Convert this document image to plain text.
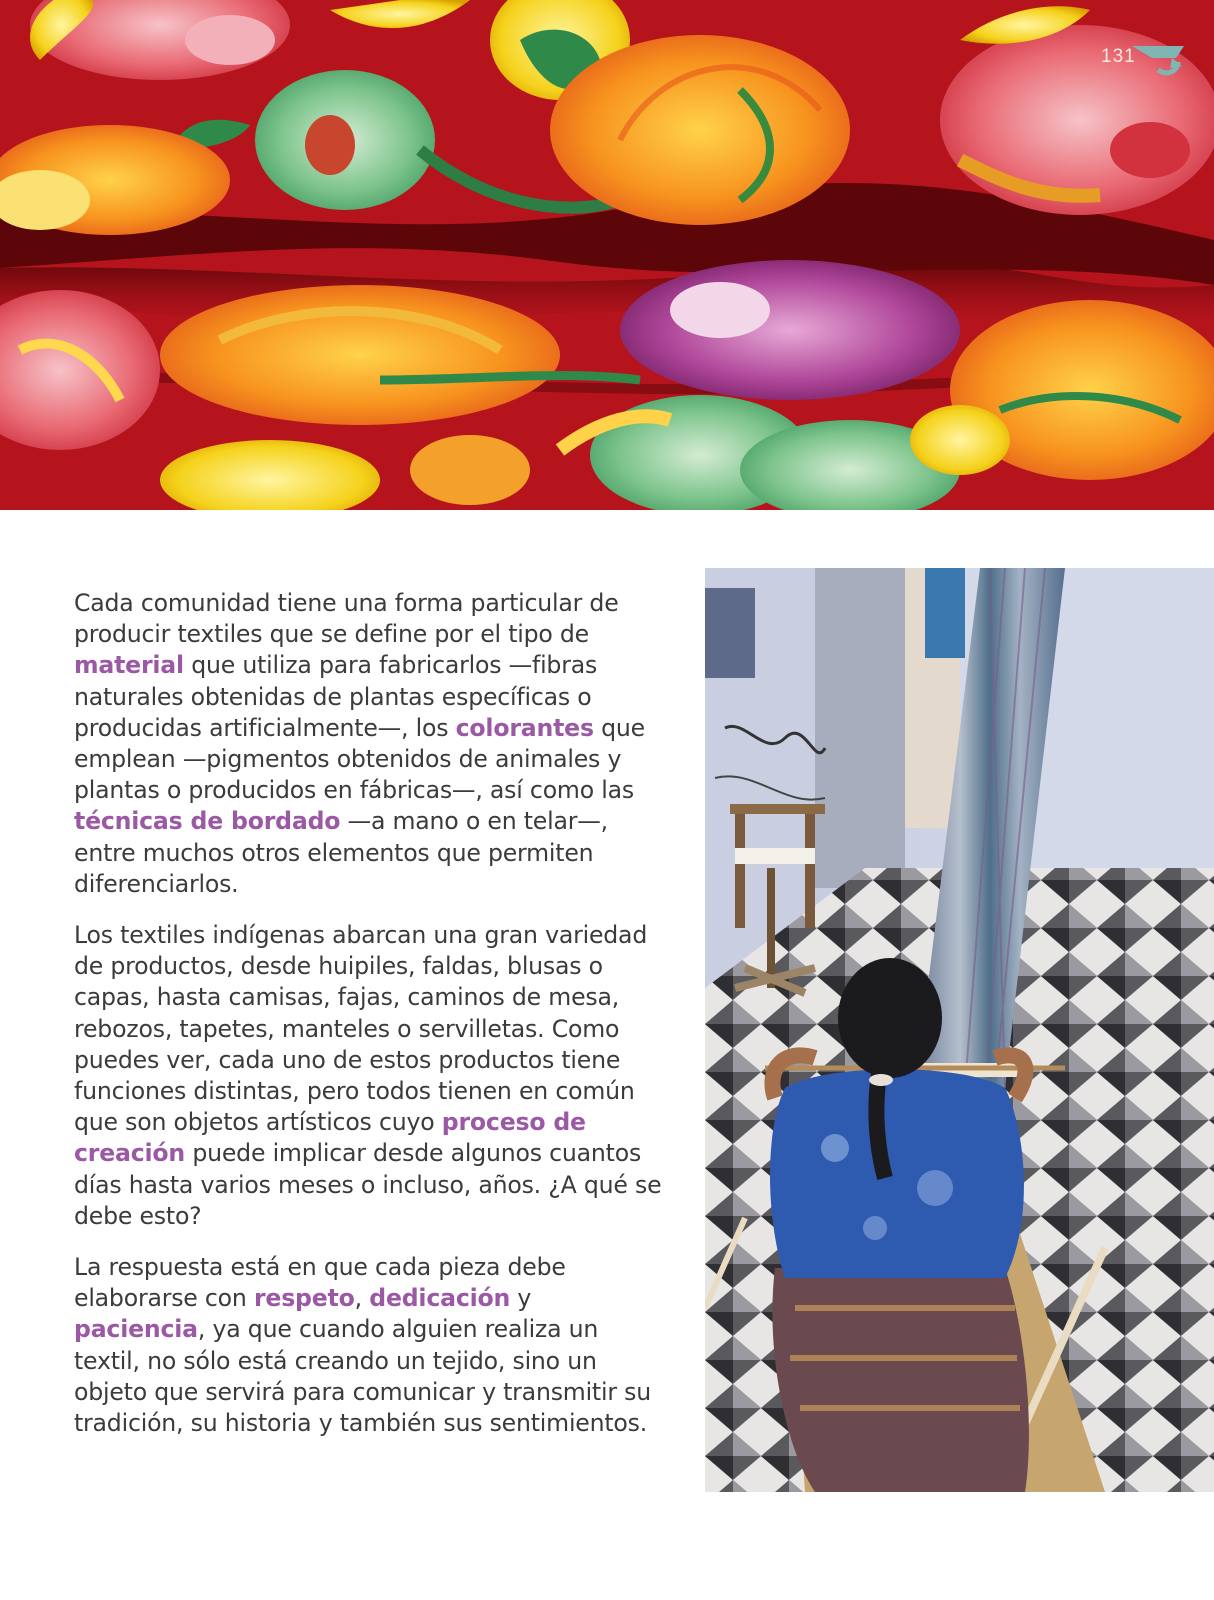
131

Cada comunidad tiene una forma particular de producir textiles que se define por el tipo de material que utiliza para fabricarlos —fibras naturales obtenidas de plantas específicas o producidas artificialmente—, los colorantes que emplean —pigmentos obtenidos de animales y plantas o producidos en fábricas—, así como las técnicas de bordado —a mano o en telar—, entre muchos otros elementos que permiten diferenciarlos.

Los textiles indígenas abarcan una gran variedad de productos, desde huipiles, faldas, blusas o capas, hasta camisas, fajas, caminos de mesa, rebozos, tapetes, manteles o servilletas. Como puedes ver, cada uno de estos productos tiene funciones distintas, pero todos tienen en común que son objetos artísticos cuyo proceso de creación puede implicar desde algunos cuantos días hasta varios meses o incluso, años. ¿A qué se debe esto?

La respuesta está en que cada pieza debe elaborarse con respeto, dedicación y paciencia, ya que cuando alguien realiza un textil, no sólo está creando un tejido, sino un objeto que servirá para comunicar y transmitir su tradición, su historia y también sus sentimientos.
